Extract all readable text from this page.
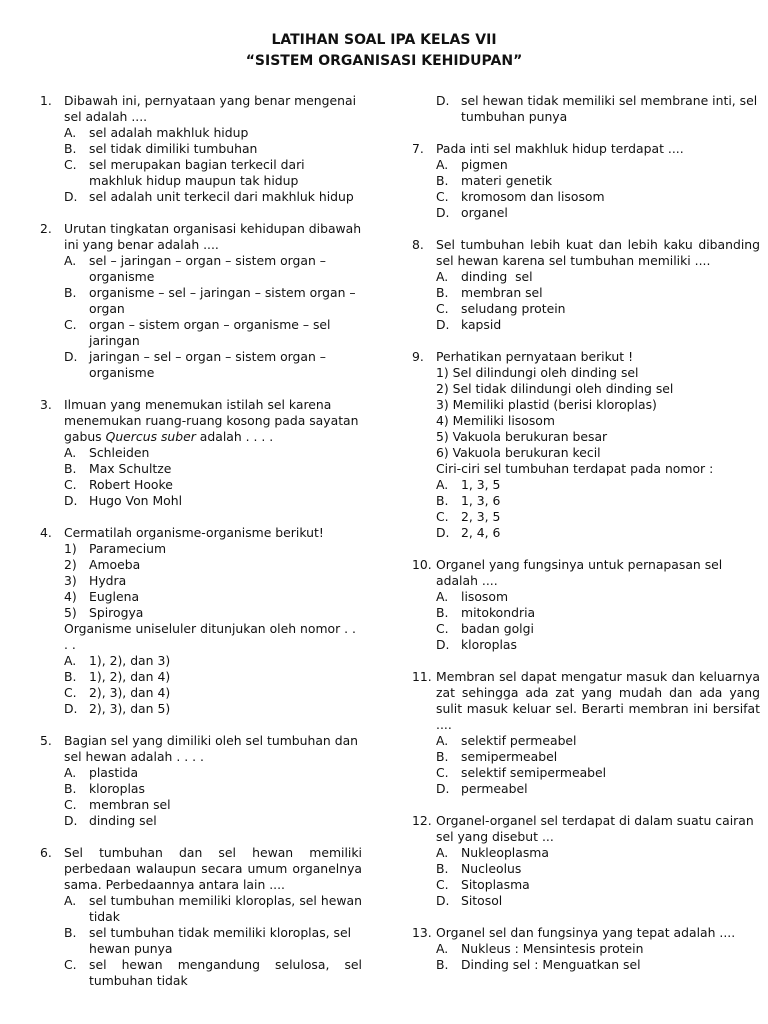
LATIHAN SOAL IPA KELAS VII
“SISTEM ORGANISASI KEHIDUPAN”
1. Dibawah ini, pernyataan yang benar mengenai sel adalah ....
A.	sel adalah makhluk hidup
B.	sel tidak dimiliki tumbuhan
C.	sel merupakan bagian terkecil dari makhluk hidup maupun tak hidup
D. sel adalah unit terkecil dari makhluk hidup
2. Urutan tingkatan organisasi kehidupan dibawah ini yang benar adalah ....
A.	sel – jaringan – organ – sistem organ – organisme
B.	organisme – sel – jaringan – sistem organ – organ
C.	organ – sistem organ – organisme – sel jaringan
D. jaringan – sel – organ – sistem organ – organisme
3. Ilmuan yang menemukan istilah sel karena menemukan ruang-ruang kosong pada sayatan gabus Quercus suber adalah . . . .
A.	Schleiden
B.	Max Schultze
C.	Robert Hooke
D. Hugo Von Mohl
4. Cermatilah organisme-organisme berikut!
1) Paramecium
2) Amoeba
3) Hydra
4) Euglena
5) Spirogya
Organisme uniseluler ditunjukan oleh nomor . . . .
A.	1), 2), dan 3)
B.	1), 2), dan 4)
C.	2), 3), dan 4)
D. 2), 3), dan 5)
5. Bagian sel yang dimiliki oleh sel tumbuhan dan sel hewan adalah . . . .
A.	plastida
B.	kloroplas
C.	membran sel
D. dinding sel
6. Sel tumbuhan dan sel hewan memiliki perbedaan walaupun secara umum organelnya sama. Perbedaannya antara lain ....
A.	sel tumbuhan memiliki kloroplas, sel hewan tidak
B.	sel tumbuhan tidak memiliki kloroplas, sel hewan punya
C.	sel hewan mengandung selulosa, sel tumbuhan tidak
D. sel hewan tidak memiliki sel membrane inti, sel tumbuhan punya
7. Pada inti sel makhluk hidup terdapat ....
A.	pigmen
B.	materi genetik
C.	kromosom dan lisosom
D. organel
8. Sel tumbuhan lebih kuat dan lebih kaku dibanding sel hewan karena sel tumbuhan memiliki ....
A.	dinding  sel
B.	membran sel
C.	seludang protein
D. kapsid
9. Perhatikan pernyataan berikut !
1) Sel dilindungi oleh dinding sel
2) Sel tidak dilindungi oleh dinding sel
3) Memiliki plastid (berisi kloroplas)
4) Memiliki lisosom
5) Vakuola berukuran besar
6) Vakuola berukuran kecil
Ciri-ciri sel tumbuhan terdapat pada nomor :
A.	1, 3, 5
B.	1, 3, 6
C.	2, 3, 5
D. 2, 4, 6
10. Organel yang fungsinya untuk pernapasan sel adalah ....
A.	lisosom
B.	mitokondria
C.	badan golgi
D. kloroplas
11. Membran sel dapat mengatur masuk dan keluarnya zat sehingga ada zat yang mudah dan ada yang sulit masuk keluar sel. Berarti membran ini bersifat ....
A.	selektif permeabel
B.	semipermeabel
C.	selektif semipermeabel
D. permeabel
12. Organel-organel sel terdapat di dalam suatu cairan sel yang disebut ...
A.	Nukleoplasma
B.	Nucleolus
C.	Sitoplasma
D. Sitosol
13. Organel sel dan fungsinya yang tepat adalah ....
A.	Nukleus : Mensintesis protein
B.	Dinding sel : Menguatkan sel
